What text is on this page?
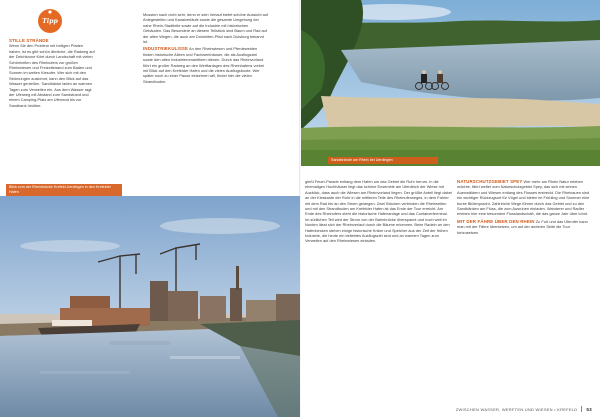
Tipp

STILLE STRÄNDE
Wenn Sie den Problem mit heiligen Pfaden haben, ist es gibt schön ähnliche, die Radweg auf der Deichkrone führt durch Landschaft mit vielen Schönheiten des Rheinufers zur großen Rheinwiesen und Freizeitstrand zum Baden und Sonnen im weiten Kiesufer. Wer sich mit den Strömungen auskennt, kann den Blick auf das Wasser genießen. Sandbänke laden an warmen Tagen zum Verweilen ein. Aus dem Wasser ragt der Uferweg mit Abstand zum Sandstrand und einem Camping-Platz am Uferrand bis zur Sandbank hinüber.

Mussten nach nicht sehr, denn er sein Verlauf bietet schöne Aussicht auf Anlegestellen und Kanalverläufe sowie die gesamte Umgebung der nahe Rhein-Stadtteile sowie auf die Industrie mit historischen Gebäuden. Das Besondere an diesem Teilstück sind Baum und Rad auf der alten Wegen, die auch am Dolomiten-Pfad nach Duisburg bekannt ist.

INDUSTRIEKULISSE An den Rheinwiesen und Pferdeweiden finden historische Alleen und Fachwerkhäuser, die als Ausflugsziel sowie den alten Industrieromantikern dienen. Durch das Rheinvorland führt ein großer Radweg an den Werftanlagen des Rheinhafens vorbei mit Blick auf den Krefelder Hafen und die vielen Ausflugsboote. Wer später noch zu einer Pause einkehren will, findet hier die vielen Strandbuden.

Blick vom der Rheinbrücke Krefeld-Uerdingen in den Krefelder Hafen
Sandstrände am Rhein bei Uerdingen

gießt Feuer-Parade entlang dem Hafen um das Gebiet die Ruhr herum. In die ehemaligen Hochhäuser liegt das schöne Ensemble am Uferdeich der Wiese mit Ausblick, dass auch die Wiesen am Rheinvorland liegen. Der größte Anteil liegt dabei an der Kieskante der Ruhr in die mittleren Teile des Rheinuferweges, in dem Fahrer mit dem Rad bis an den Strom gelangen. Zwei Brücken verbinden die Rheinseiten und mit den Strandbuden am Krefelder Hafen ist das Ende der Tour erreicht. Am Ende des Rheinufers steht die historische Hafenanlage und das Containerterminal. Im südlichen Teil wird der Strom von der Bahnbrücke überspannt und noch weit im Norden lässt sich der Rheinverlauf durch die Bäume erkennen. Beim Radeln an den Hafenbecken stehen einige historische Kräne und Speicher aus der Zeit der frühen Industrie, die heute ein beliebtes Ausflugsziel sind und an warmen Tagen zum Verweilen auf den Rheinwiesen einladen.

NATURSCHUTZGEBIET SPEY Wer mehr am Rhein Natur erleben möchte, fährt weiter zum Naturschutzgebiet Spey, das sich mit seinen Auenwäldern und Wiesen entlang des Flusses erstreckt. Die Rheinauen sind ein wichtiger Rückzugsort für Vögel und bieten im Frühling und Sommer eine bunte Blütenpracht. Zahlreiche Wege führen durch das Gebiet und zu den Sandbänken am Fluss, die zum Ausruhen einladen. Wanderer und Radler erleben hier eine besondere Flusslandschaft, die das ganze Jahr über lohnt.

MIT DER FÄHRE ÜBER DEN RHEIN Zu Fuß und das Uferufer kann man mit der Fähre übersetzen, um auf der anderen Seite die Tour fortzusetzen.

ZWISCHEN WASSER, WERFTEN UND WIESEN • KREFELD 53
